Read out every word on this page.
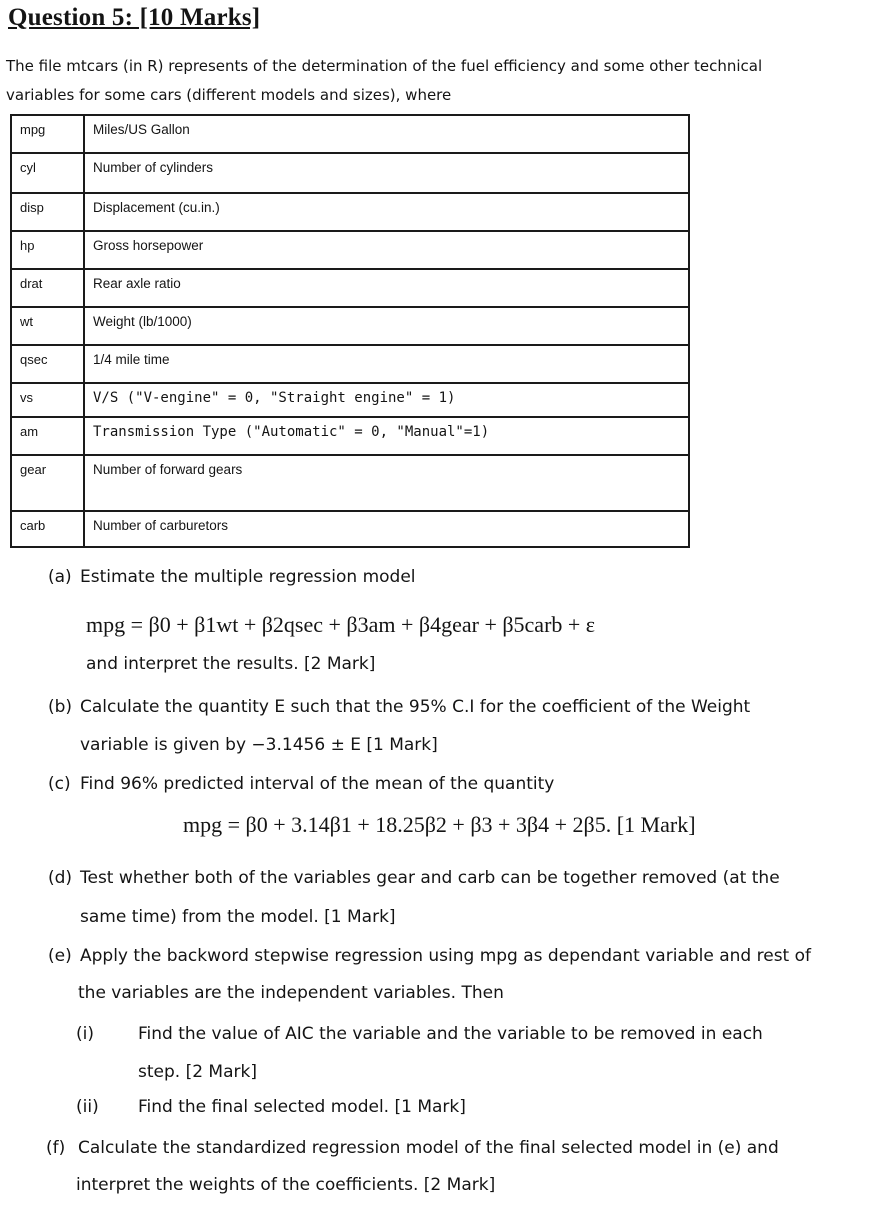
Question 5: [10 Marks]
The file mtcars (in R) represents of the determination of the fuel efficiency and some other technical variables for some cars (different models and sizes), where
mpg	Miles/US Gallon
cyl	Number of cylinders
disp	Displacement (cu.in.)
hp	Gross horsepower
drat	Rear axle ratio
wt	Weight (lb/1000)
qsec	1/4 mile time
vs	V/S ("V-engine" = 0, "Straight engine" = 1)
am	Transmission Type ("Automatic" = 0, "Manual"=1)
gear	Number of forward gears
carb	Number of carburetors
(a) Estimate the multiple regression model
mpg = β0 + β1wt + β2qsec + β3am + β4gear + β5carb + ε
and interpret the results. [2 Mark]
(b) Calculate the quantity E such that the 95% C.I for the coefficient of the Weight
variable is given by −3.1456 ± E [1 Mark]
(c) Find 96% predicted interval of the mean of the quantity
mpg = β0 + 3.14β1 + 18.25β2 + β3 + 3β4 + 2β5. [1 Mark]
(d) Test whether both of the variables gear and carb can be together removed (at the
same time) from the model. [1 Mark]
(e) Apply the backword stepwise regression using mpg as dependant variable and rest of
the variables are the independent variables. Then
(i)	Find the value of AIC the variable and the variable to be removed in each
step. [2 Mark]
(ii) Find the final selected model. [1 Mark]
(f) Calculate the standardized regression model of the final selected model in (e) and
interpret the weights of the coefficients. [2 Mark]
